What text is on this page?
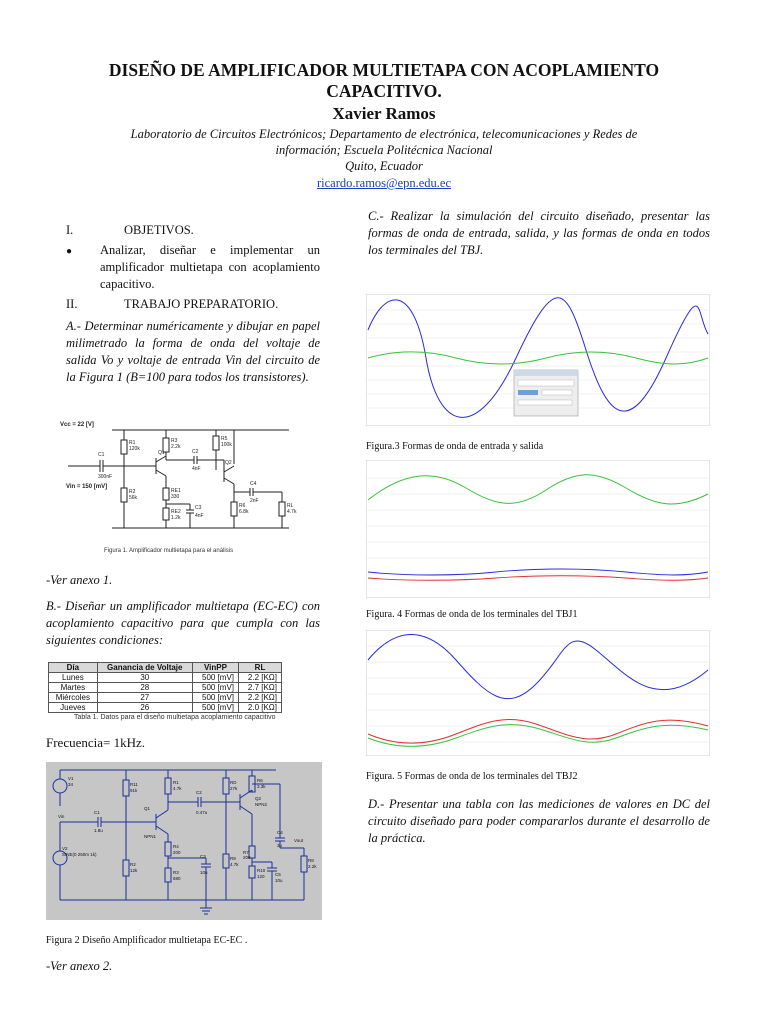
DISEÑO DE AMPLIFICADOR MULTIETAPA CON ACOPLAMIENTO CAPACITIVO.
Xavier Ramos
Laboratorio de Circuitos Electrónicos; Departamento de electrónica, telecomunicaciones y Redes de
información; Escuela Politécnica Nacional
Quito, Ecuador
ricardo.ramos@epn.edu.ec
I.	OBJETIVOS.
●	Analizar, diseñar e implementar un amplificador multietapa con acoplamiento capacitivo.
II.	TRABAJO PREPARATORIO.
A.- Determinar numéricamente y dibujar en papel milimetrado la forma de onda del voltaje de salida Vo y voltaje de entrada Vin del circuito de la Figura 1 (B=100 para todos los transistores).
Vcc = 22 [V]
Vin = 150 [mV]
R1
120k
R3
2.2k
R5
100k
R2
56k
RE1
330
RE2
1.2k
R6
6.8k
RL
4.7k
C1
300nF
C2
4nF
C3
4nF
C4
2nF
Q1
Q2
Figura 1. Amplificador multietapa para el análisis
-Ver anexo 1.
B.- Diseñar un amplificador multietapa (EC-EC) con acoplamiento capacitivo para que cumpla con las siguientes condiciones:
Día	Ganancia de Voltaje	VinPP	RL
Lunes	30	500 [mV]	2.2 [KΩ]
Martes	28	500 [mV]	2.7 [KΩ]
Miércoles	27	500 [mV]	2.2 [KΩ]
Jueves	26	500 [mV]	2.0 [KΩ]
Tabla 1. Datos para el diseño multietapa acoplamiento capacitivo
Frecuencia= 1kHz.
V1
34
Vin
V2
SINE(0 250m 1k)
R11
91k
R1
4.7k
R2
12k
R4
200
R3
680
RD
27k
R9
4.7k
R6
3.3k
R7
200
R10
120
R8
2.2k
C1
1.8u
C2
0.47u
C3
10u
C4
3u
C5
10u
Q1
NPN1
Q2
NPN2
Vout
Figura 2 Diseño Amplificador multietapa EC-EC .
-Ver anexo 2.
C.- Realizar la simulación del circuito diseñado, presentar las formas de onda de entrada, salida, y las formas de onda en todos los terminales del TBJ.
Figura.3 Formas de onda de entrada y salida
Figura. 4 Formas de onda de los terminales del TBJ1
Figura. 5 Formas de onda de los terminales del TBJ2
D.- Presentar una tabla con las mediciones de valores en DC del circuito diseñado para poder compararlos durante el desarrollo de la práctica.
